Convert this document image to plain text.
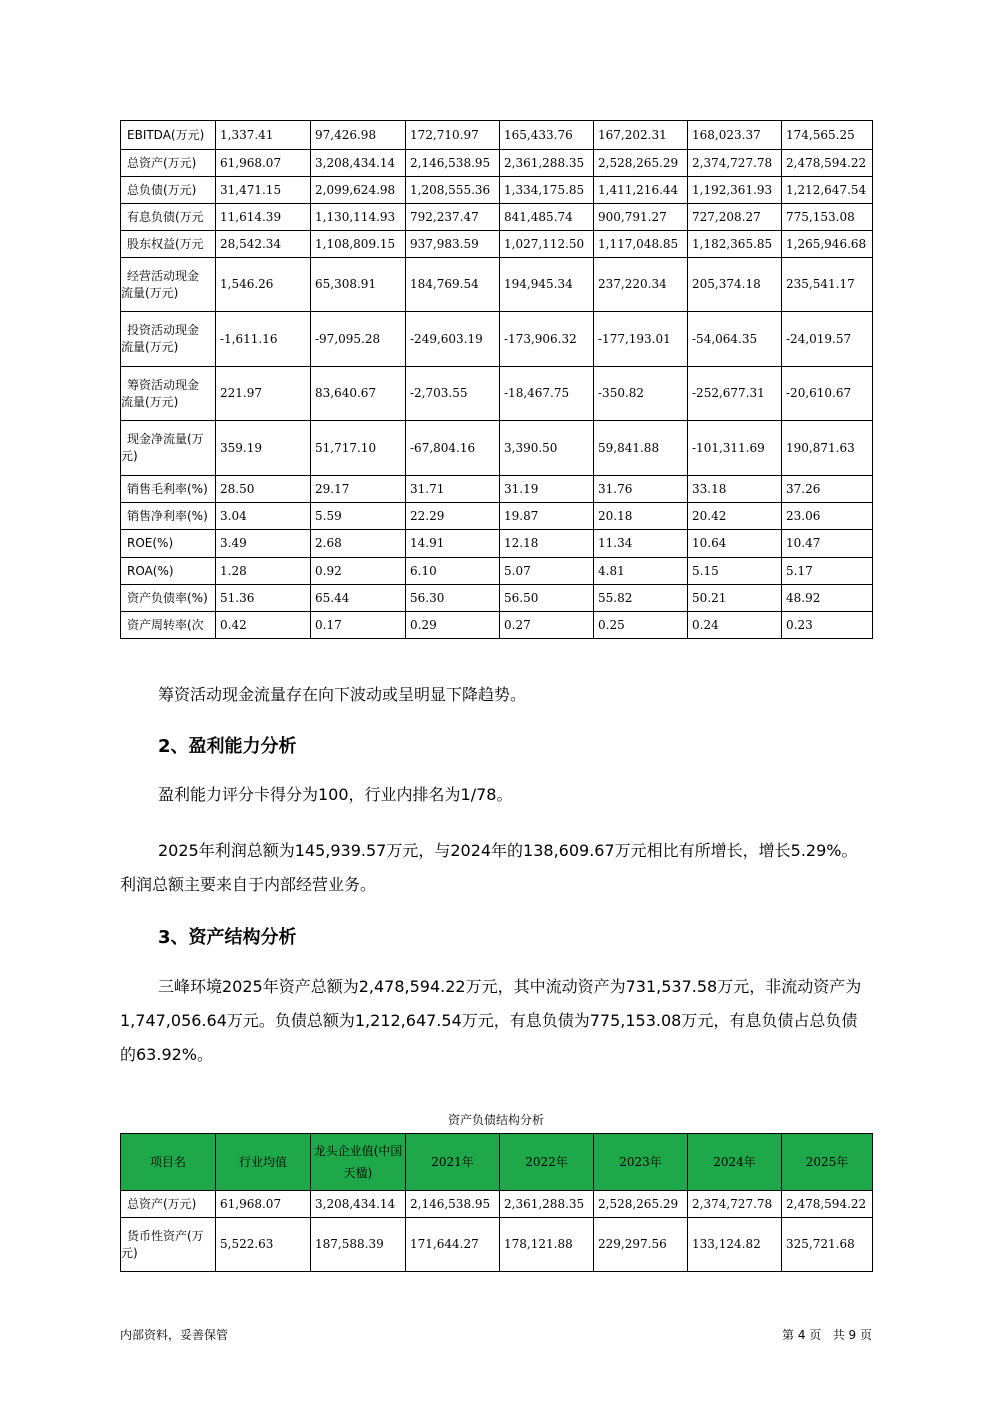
EBITDA(万元)	1,337.41	97,426.98	172,710.97	165,433.76	167,202.31	168,023.37	174,565.25
总资产(万元)	61,968.07	3,208,434.14	2,146,538.95	2,361,288.35	2,528,265.29	2,374,727.78	2,478,594.22
总负债(万元)	31,471.15	2,099,624.98	1,208,555.36	1,334,175.85	1,411,216.44	1,192,361.93	1,212,647.54
有息负债(万元	11,614.39	1,130,114.93	792,237.47	841,485.74	900,791.27	727,208.27	775,153.08
股东权益(万元	28,542.34	1,108,809.15	937,983.59	1,027,112.50	1,117,048.85	1,182,365.85	1,265,946.68

经营活动现金
流量(万元)	1,546.26	65,308.91	184,769.54	194,945.34	237,220.34	205,374.18	235,541.17

投资活动现金
流量(万元)	-1,611.16	-97,095.28	-249,603.19	-173,906.32	-177,193.01	-54,064.35	-24,019.57

筹资活动现金
流量(万元)	221.97	83,640.67	-2,703.55	-18,467.75	-350.82	-252,677.31	-20,610.67

现金净流量(万
元)	359.19	51,717.10	-67,804.16	3,390.50	59,841.88	-101,311.69	190,871.63
销售毛利率(%)	28.50	29.17	31.71	31.19	31.76	33.18	37.26
销售净利率(%)	3.04	5.59	22.29	19.87	20.18	20.42	23.06
ROE(%)	3.49	2.68	14.91	12.18	11.34	10.64	10.47
ROA(%)	1.28	0.92	6.10	5.07	4.81	5.15	5.17
资产负债率(%)	51.36	65.44	56.30	56.50	55.82	50.21	48.92
资产周转率(次	0.42	0.17	0.29	0.27	0.25	0.24	0.23

筹资活动现金流量存在向下波动或呈明显下降趋势。

2、盈利能力分析

盈利能力评分卡得分为100，行业内排名为1/78。

2025年利润总额为145,939.57万元，与2024年的138,609.67万元相比有所增长，增长5.29%。利润总额主要来自于内部经营业务。

3、资产结构分析

三峰环境2025年资产总额为2,478,594.22万元，其中流动资产为731,537.58万元，非流动资产为1,747,056.64万元。负债总额为1,212,647.54万元，有息负债为775,153.08万元，有息负债占总负债的63.92%。

资产负债结构分析
项目名	行业均值	龙头企业值(中国天楹)	2021年	2022年	2023年	2024年	2025年
总资产(万元)	61,968.07	3,208,434.14	2,146,538.95	2,361,288.35	2,528,265.29	2,374,727.78	2,478,594.22

货币性资产(万
元)	5,522.63	187,588.39	171,644.27	178,121.88	229,297.56	133,124.82	325,721.68
内部资料，妥善保管	第 4 页   共 9 页
